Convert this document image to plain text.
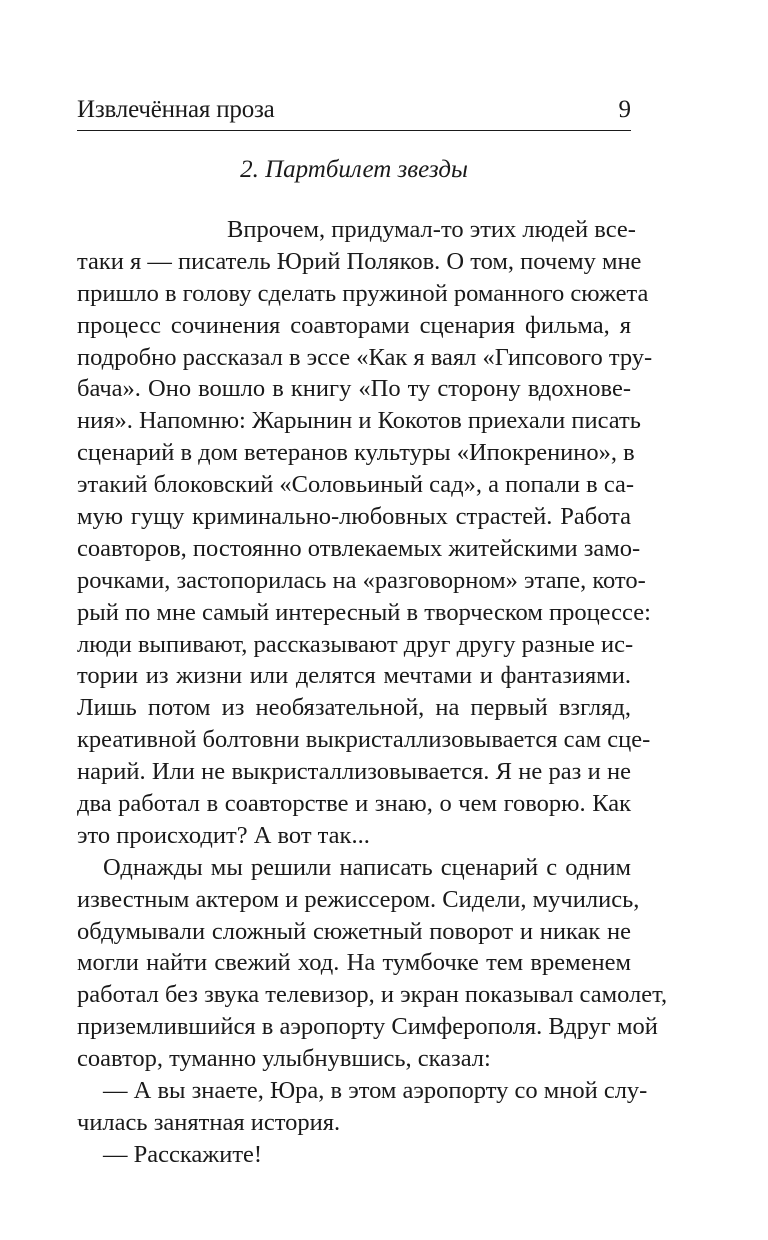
Извлечённая проза	9
2. Партбилет звезды
Впрочем, придумал-то этих людей все-
таки я — писатель Юрий Поляков. О том, почему мне
пришло в голову сделать пружиной романного сюжета
процесс сочинения соавторами сценария фильма, я
подробно рассказал в эссе «Как я ваял «Гипсового тру-
бача». Оно вошло в книгу «По ту сторону вдохнове-
ния». Напомню: Жарынин и Кокотов приехали писать
сценарий в дом ветеранов культуры «Ипокренино», в
этакий блоковский «Соловьиный сад», а попали в са-
мую гущу криминально-любовных страстей. Работа
соавторов, постоянно отвлекаемых житейскими замо-
рочками, застопорилась на «разговорном» этапе, кото-
рый по мне самый интересный в творческом процессе:
люди выпивают, рассказывают друг другу разные ис-
тории из жизни или делятся мечтами и фантазиями.
Лишь потом из необязательной, на первый взгляд,
креативной болтовни выкристаллизовывается сам сце-
нарий. Или не выкристаллизовывается. Я не раз и не
два работал в соавторстве и знаю, о чем говорю. Как
это происходит? А вот так...
Однажды мы решили написать сценарий с одним
известным актером и режиссером. Сидели, мучились,
обдумывали сложный сюжетный поворот и никак не
могли найти свежий ход. На тумбочке тем временем
работал без звука телевизор, и экран показывал самолет,
приземлившийся в аэропорту Симферополя. Вдруг мой
соавтор, туманно улыбнувшись, сказал:
— А вы знаете, Юра, в этом аэропорту со мной слу-
чилась занятная история.
— Расскажите!
